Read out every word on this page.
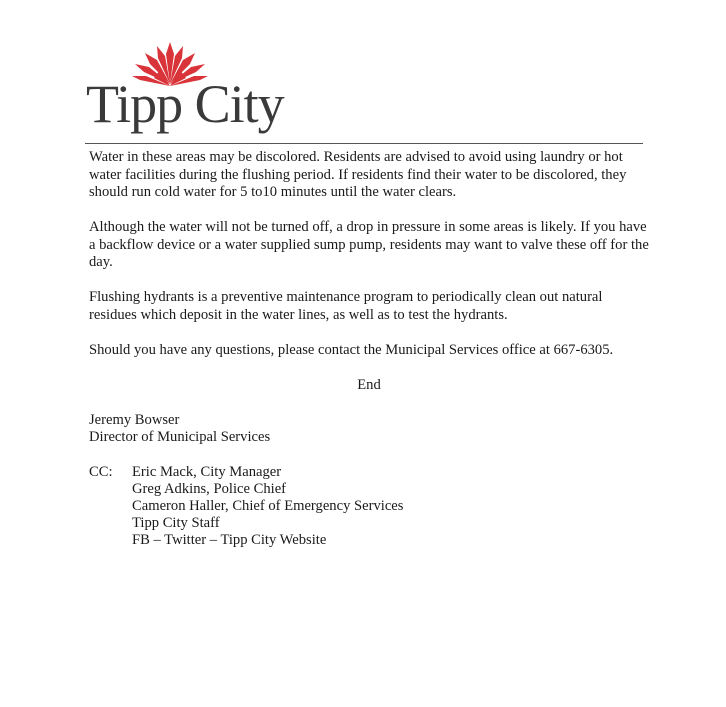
Tipp City

Water in these areas may be discolored. Residents are advised to avoid using laundry or hot water facilities during the flushing period. If residents find their water to be discolored, they should run cold water for 5 to10 minutes until the water clears.

Although the water will not be turned off, a drop in pressure in some areas is likely. If you have a backflow device or a water supplied sump pump, residents may want to valve these off for the day.

Flushing hydrants is a preventive maintenance program to periodically clean out natural residues which deposit in the water lines, as well as to test the hydrants.

Should you have any questions, please contact the Municipal Services office at 667-6305.

End
Jeremy Bowser
Director of Municipal Services
CC:	Eric Mack, City Manager
Greg Adkins, Police Chief
Cameron Haller, Chief of Emergency Services
Tipp City Staff
FB – Twitter – Tipp City Website
